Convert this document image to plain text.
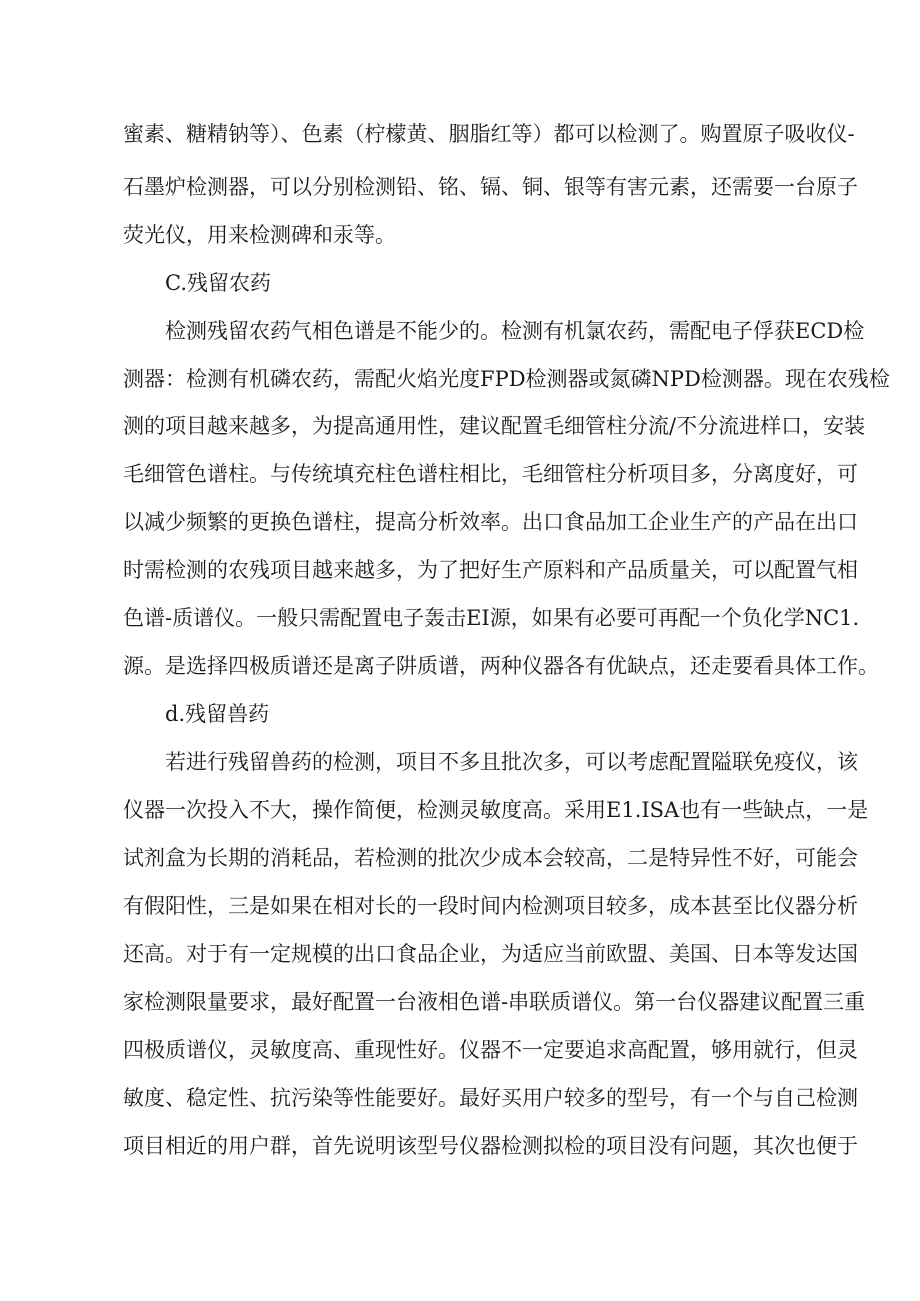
蜜素、糖精钠等）、色素（柠檬黄、胭脂红等）都可以检测了。购置原子吸收仪-
石墨炉检测器，可以分别检测铅、铭、镉、铜、银等有害元素，还需要一台原子
荧光仪，用来检测碑和汞等。
C.残留农药
检测残留农药气相色谱是不能少的。检测有机氯农药，需配电子俘获ECD检
测器：检测有机磷农药，需配火焰光度FPD检测器或氮磷NPD检测器。现在农残检
测的项目越来越多，为提高通用性，建议配置毛细管柱分流/不分流进样口，安装
毛细管色谱柱。与传统填充柱色谱柱相比，毛细管柱分析项目多，分离度好，可
以减少频繁的更换色谱柱，提高分析效率。出口食品加工企业生产的产品在出口
时需检测的农残项目越来越多，为了把好生产原料和产品质量关，可以配置气相
色谱-质谱仪。一般只需配置电子轰击EI源，如果有必要可再配一个负化学NC1.
源。是选择四极质谱还是离子阱质谱，两种仪器各有优缺点，还走要看具体工作。
d.残留兽药
若进行残留兽药的检测，项目不多且批次多，可以考虑配置隘联免疫仪，该
仪器一次投入不大，操作简便，检测灵敏度高。采用E1.ISA也有一些缺点，一是
试剂盒为长期的消耗品，若检测的批次少成本会较高，二是特异性不好，可能会
有假阳性，三是如果在相对长的一段时间内检测项目较多，成本甚至比仪器分析
还高。对于有一定规模的出口食品企业，为适应当前欧盟、美国、日本等发达国
家检测限量要求，最好配置一台液相色谱-串联质谱仪。第一台仪器建议配置三重
四极质谱仪，灵敏度高、重现性好。仪器不一定要追求高配置，够用就行，但灵
敏度、稳定性、抗污染等性能要好。最好买用户较多的型号，有一个与自己检测
项目相近的用户群，首先说明该型号仪器检测拟检的项目没有问题，其次也便于
